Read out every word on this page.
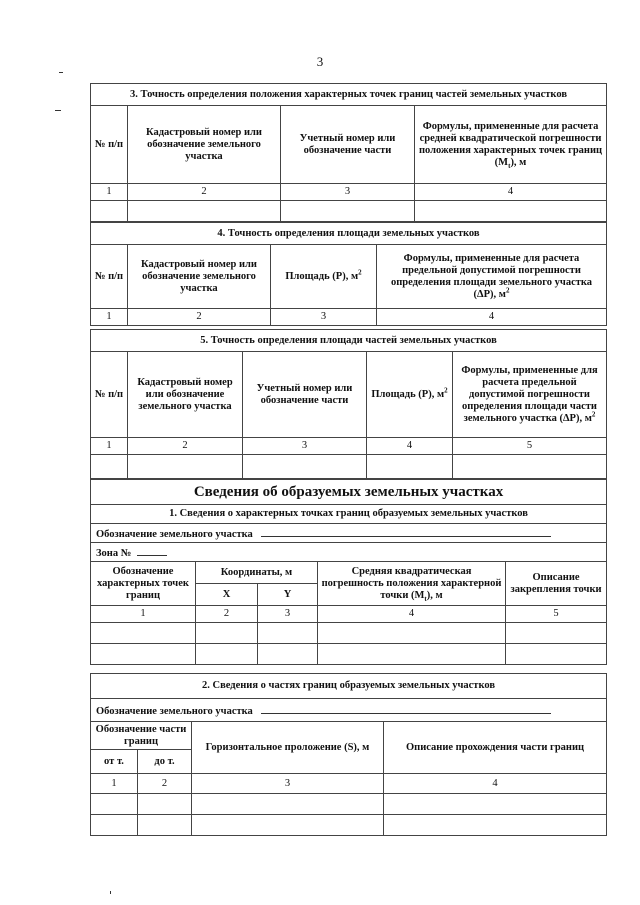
3
3. Точность определения положения характерных точек границ частей земельных участков			
№ п/п	Кадастровый номер или обозначение земельного участка	Учетный номер или обозначение части	Формулы, примененные для расчета средней квадратической погрешности положения характерных точек границ $(M_t)$, м
1	2	3	4

4. Точность определения площади земельных участков			
№ п/п	Кадастровый номер или обозначение земельного участка	Площадь (P), $м^2$	Формулы, примененные для расчета предельной допустимой погрешности определения площади земельного участка (ΔP), $м^2$
1	2	3	4
5. Точность определения площади частей земельных участков				
№ п/п	Кадастровый номер или обозначение земельного участка	Учетный номер или обозначение части	Площадь (P), $м^2$	Формулы, примененные для расчета предельной допустимой погрешности определения площади части земельного участка (ΔP), $м^2$
1	2	3	4	5

Сведения об образуемых земельных участках				
1. Сведения о характерных точках границ образуемых земельных участков				
Обозначение земельного участка				
Зона №				
Обозначение характерных точек границ	Координаты, м		Средняя квадратическая погрешность положения характерной точки $(M_t)$, м	Описание закрепления точки
	X	Y		
1	2	3	4	5

2. Сведения о частях границ образуемых земельных участков			
Обозначение земельного участка			
Обозначение части границ		Горизонтальное проложение (S), м	Описание прохождения части границ
от т.	до т.		
1	2	3	4
